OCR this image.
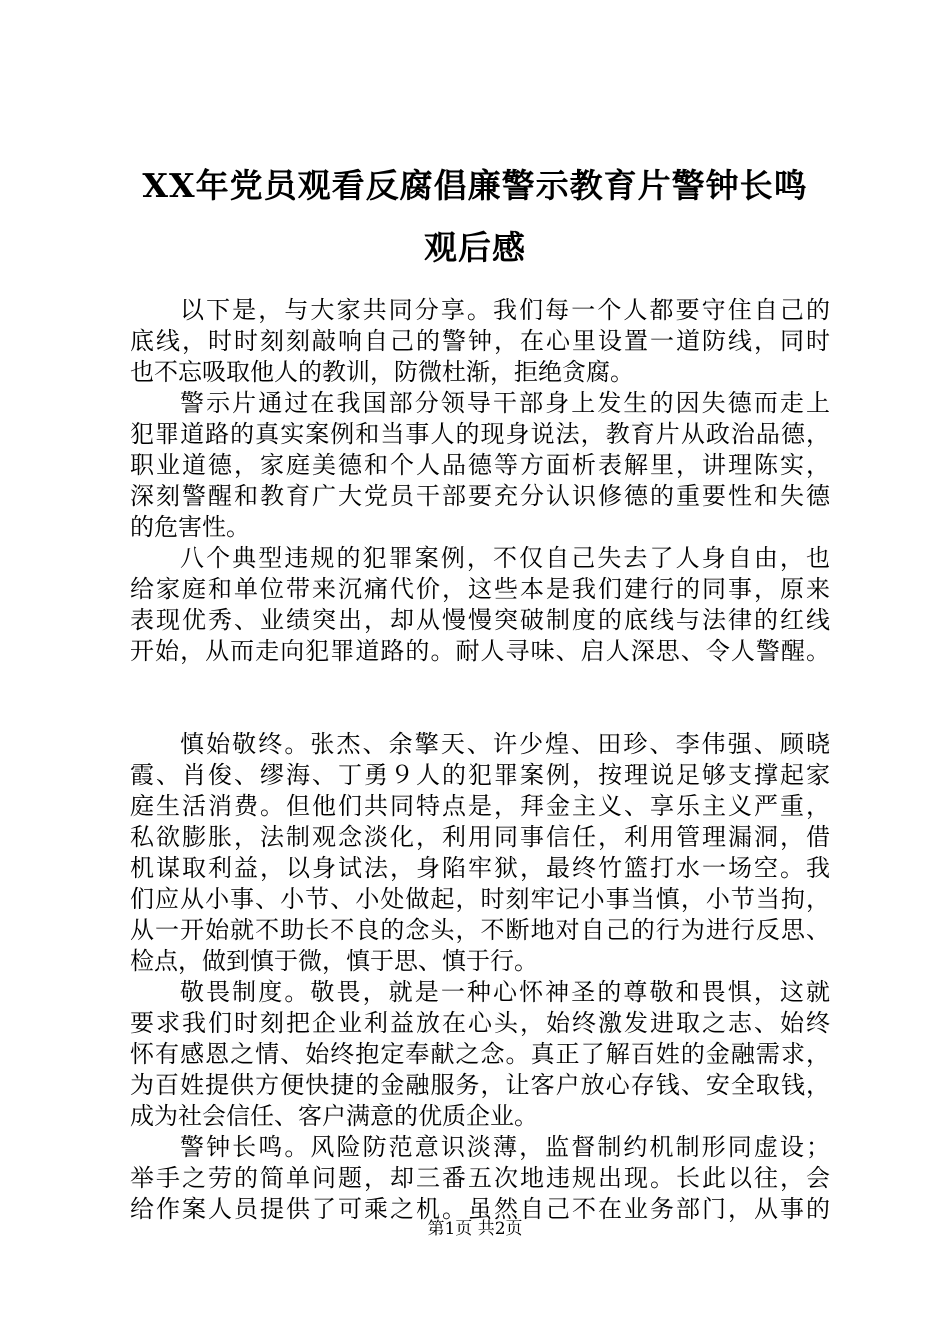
XX年党员观看反腐倡廉警示教育片警钟长鸣
观后感
以下是，与大家共同分享。我们每一个人都要守住自己的
底线，时时刻刻敲响自己的警钟，在心里设置一道防线，同时
也不忘吸取他人的教训，防微杜渐，拒绝贪腐。
警示片通过在我国部分领导干部身上发生的因失德而走上
犯罪道路的真实案例和当事人的现身说法，教育片从政治品德，
职业道德，家庭美德和个人品德等方面析表解里，讲理陈实，
深刻警醒和教育广大党员干部要充分认识修德的重要性和失德
的危害性。
八个典型违规的犯罪案例，不仅自己失去了人身自由，也
给家庭和单位带来沉痛代价，这些本是我们建行的同事，原来
表现优秀、业绩突出，却从慢慢突破制度的底线与法律的红线
开始，从而走向犯罪道路的。耐人寻味、启人深思、令人警醒。
慎始敬终。张杰、余擎天、许少煌、田珍、李伟强、顾晓
霞、肖俊、缪海、丁勇９人的犯罪案例，按理说足够支撑起家
庭生活消费。但他们共同特点是，拜金主义、享乐主义严重，
私欲膨胀，法制观念淡化，利用同事信任，利用管理漏洞，借
机谋取利益，以身试法，身陷牢狱，最终竹篮打水一场空。我
们应从小事、小节、小处做起，时刻牢记小事当慎，小节当拘，
从一开始就不助长不良的念头，不断地对自己的行为进行反思、
检点，做到慎于微，慎于思、慎于行。
敬畏制度。敬畏，就是一种心怀神圣的尊敬和畏惧，这就
要求我们时刻把企业利益放在心头，始终激发进取之志、始终
怀有感恩之情、始终抱定奉献之念。真正了解百姓的金融需求，
为百姓提供方便快捷的金融服务，让客户放心存钱、安全取钱，
成为社会信任、客户满意的优质企业。
警钟长鸣。风险防范意识淡薄，监督制约机制形同虚设；
举手之劳的简单问题，却三番五次地违规出现。长此以往，会
给作案人员提供了可乘之机。虽然自己不在业务部门，从事的
第1页 共2页
